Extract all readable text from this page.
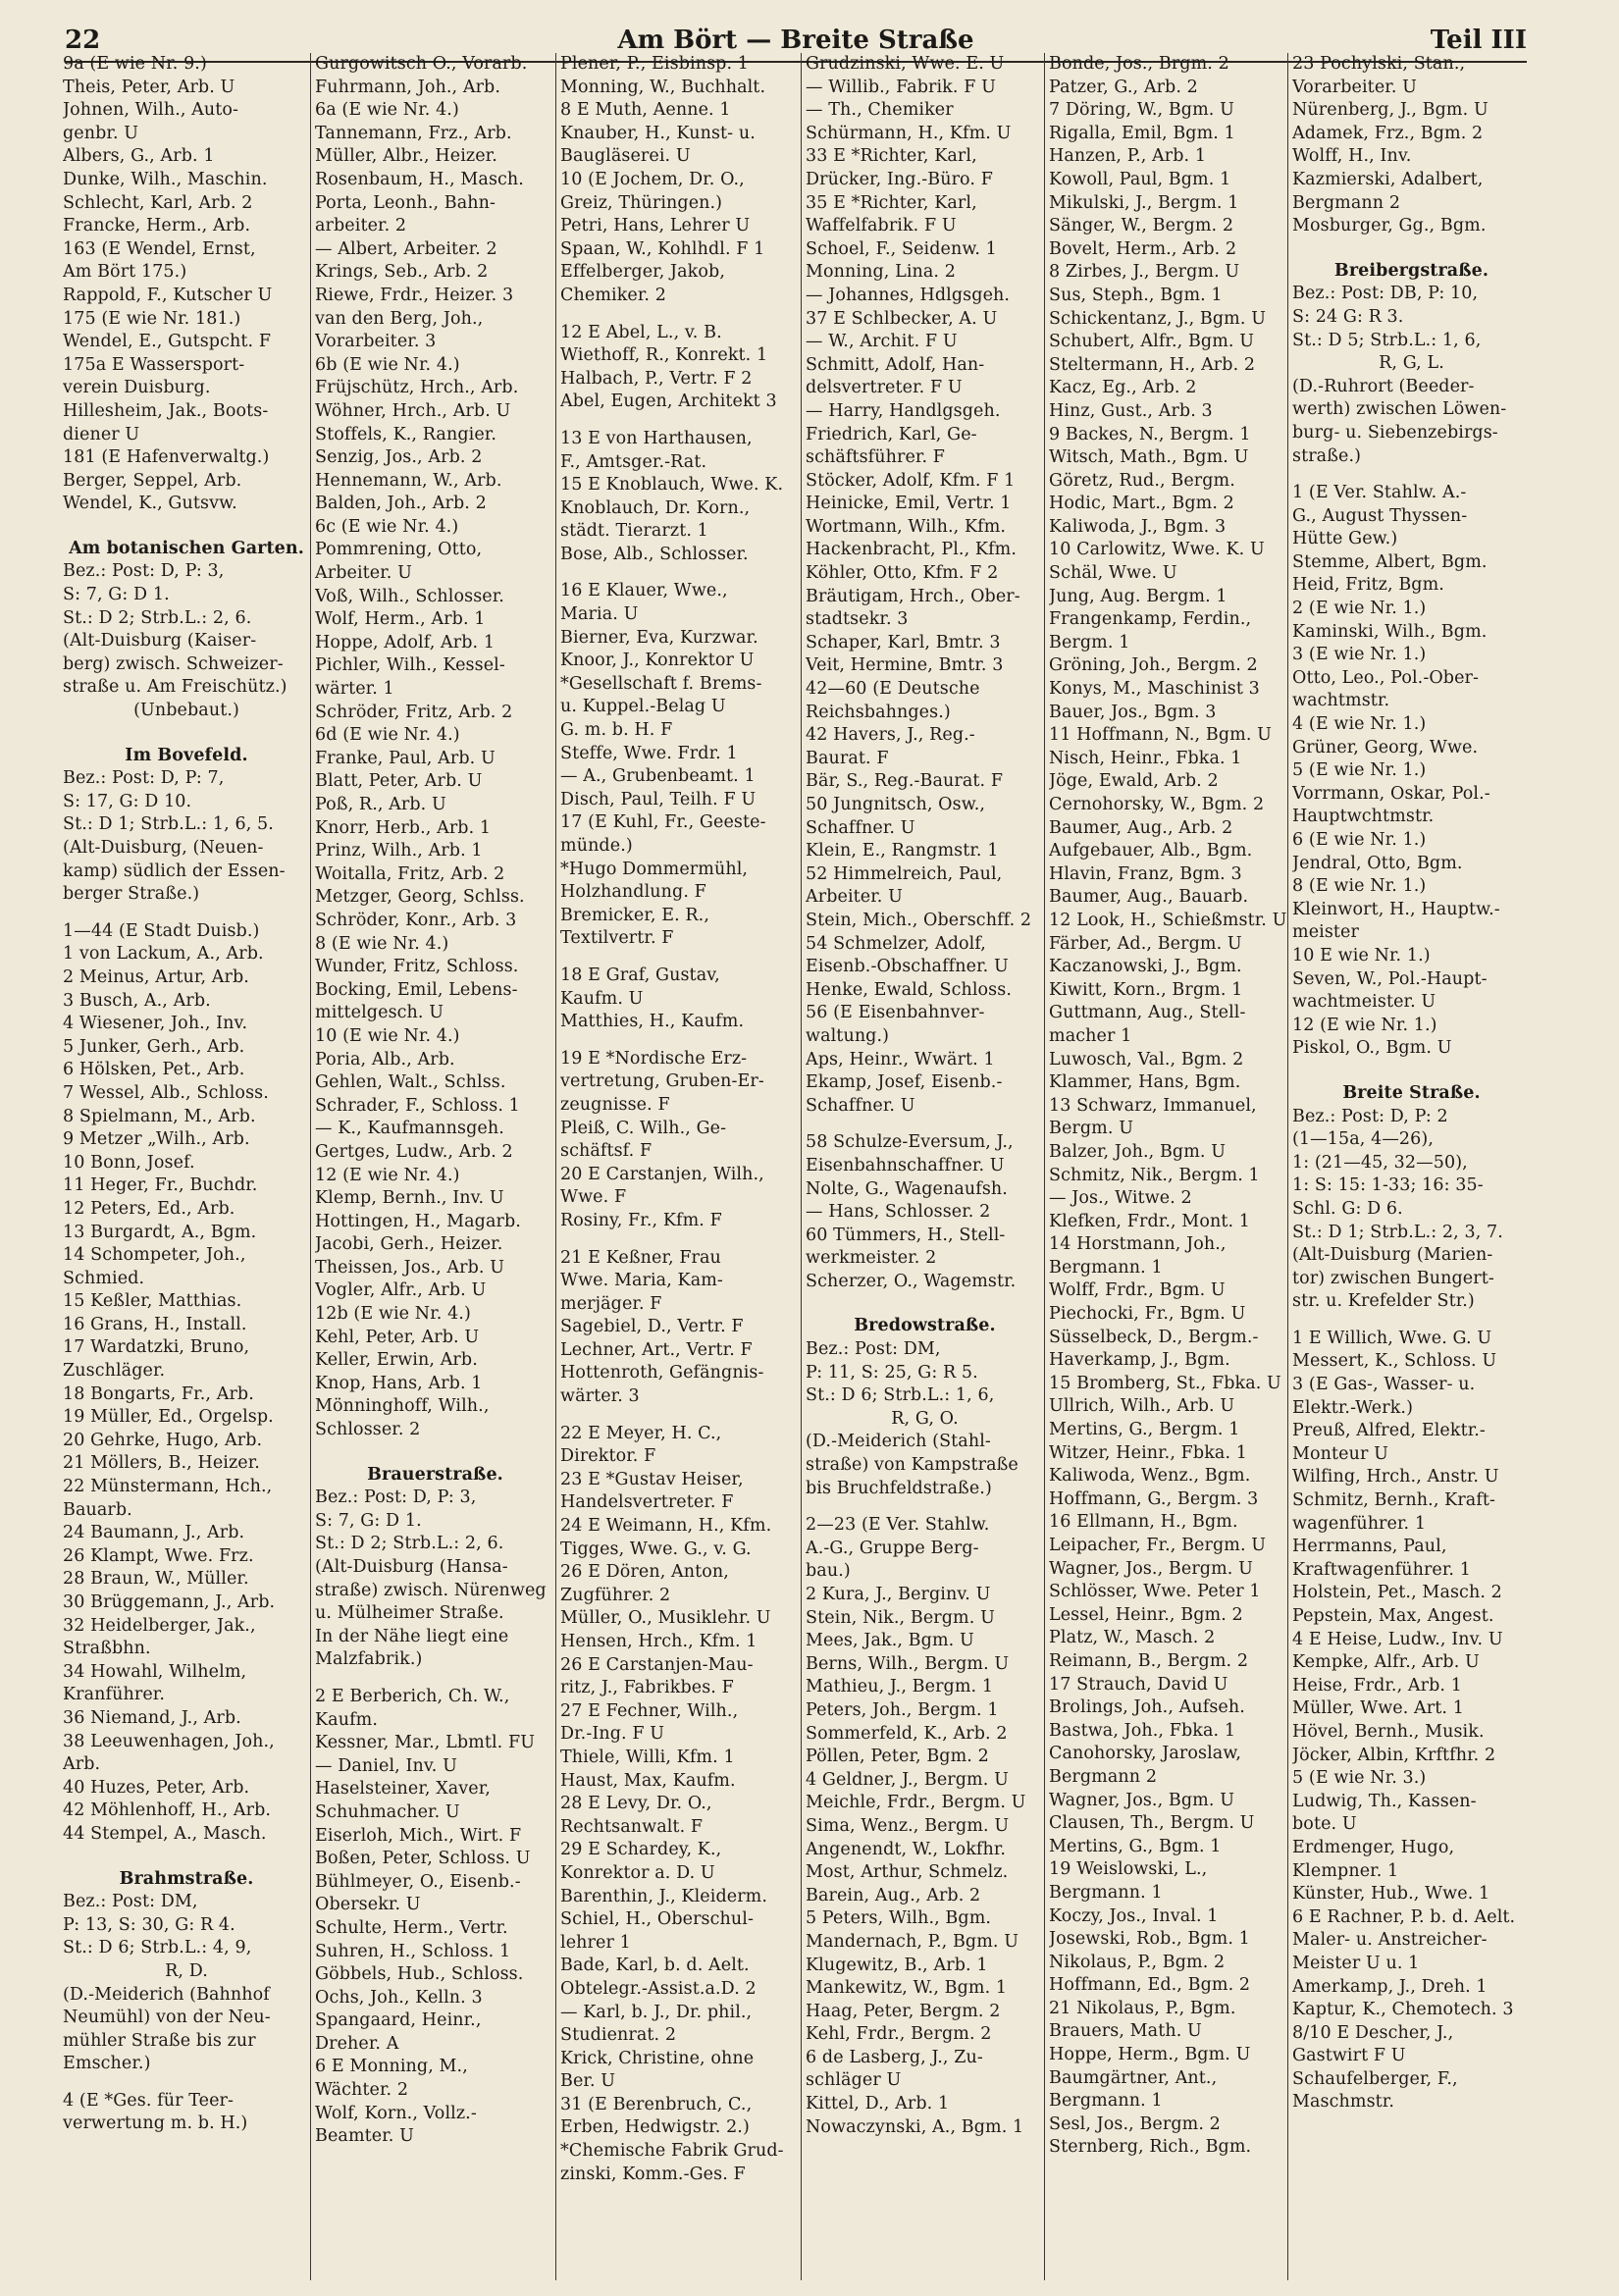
Am Bört — Breite Straße
22	Teil III
9a (E wie Nr. 9.)
Theis, Peter, Arb. U
Johnen, Wilh., Auto-
genbr. U
Albers, G., Arb. 1
Dunke, Wilh., Maschin.
Schlecht, Karl, Arb. 2
Francke, Herm., Arb.
163 (E Wendel, Ernst,
Am Bört 175.)
Rappold, F., Kutscher U
175 (E wie Nr. 181.)
Wendel, E., Gutspcht. F
175a E Wassersport-
verein Duisburg.
Hillesheim, Jak., Boots-
diener U
181 (E Hafenverwaltg.)
Berger, Seppel, Arb.
Wendel, K., Gutsvw.
Am botanischen Garten.
Bez.: Post: D, P: 3,
S: 7, G: D 1.
St.: D 2; Strb.L.: 2, 6.
(Alt-Duisburg (Kaiser-
berg) zwisch. Schweizer-
straße u. Am Freischütz.)
(Unbebaut.)
Im Bovefeld.
Bez.: Post: D, P: 7,
S: 17, G: D 10.
St.: D 1; Strb.L.: 1, 6, 5.
(Alt-Duisburg, (Neuen-
kamp) südlich der Essen-
berger Straße.)
1—44 (E Stadt Duisb.)
1 von Lackum, A., Arb.
2 Meinus, Artur, Arb.
3 Busch, A., Arb.
4 Wiesener, Joh., Inv.
5 Junker, Gerh., Arb.
6 Hölsken, Pet., Arb.
7 Wessel, Alb., Schloss.
8 Spielmann, M., Arb.
9 Metzer „Wilh., Arb.
10 Bonn, Josef.
11 Heger, Fr., Buchdr.
12 Peters, Ed., Arb.
13 Burgardt, A., Bgm.
14 Schompeter, Joh.,
Schmied.
15 Keßler, Matthias.
16 Grans, H., Install.
17 Wardatzki, Bruno,
Zuschläger.
18 Bongarts, Fr., Arb.
19 Müller, Ed., Orgelsp.
20 Gehrke, Hugo, Arb.
21 Möllers, B., Heizer.
22 Münstermann, Hch.,
Bauarb.
24 Baumann, J., Arb.
26 Klampt, Wwe. Frz.
28 Braun, W., Müller.
30 Brüggemann, J., Arb.
32 Heidelberger, Jak.,
Straßbhn.
34 Howahl, Wilhelm,
Kranführer.
36 Niemand, J., Arb.
38 Leeuwenhagen, Joh.,
Arb.
40 Huzes, Peter, Arb.
42 Möhlenhoff, H., Arb.
44 Stempel, A., Masch.
Brahmstraße.
Bez.: Post: DM,
P: 13, S: 30, G: R 4.
St.: D 6; Strb.L.: 4, 9,
R, D.
(D.-Meiderich (Bahnhof
Neumühl) von der Neu-
mühler Straße bis zur
Emscher.)
4 (E *Ges. für Teer-
verwertung m. b. H.)
Gurgowitsch O., Vorarb.
Fuhrmann, Joh., Arb.
6a (E wie Nr. 4.)
Tannemann, Frz., Arb.
Müller, Albr., Heizer.
Rosenbaum, H., Masch.
Porta, Leonh., Bahn-
arbeiter. 2
— Albert, Arbeiter. 2
Krings, Seb., Arb. 2
Riewe, Frdr., Heizer. 3
van den Berg, Joh.,
Vorarbeiter. 3
6b (E wie Nr. 4.)
Früjschütz, Hrch., Arb.
Wöhner, Hrch., Arb. U
Stoffels, K., Rangier.
Senzig, Jos., Arb. 2
Hennemann, W., Arb.
Balden, Joh., Arb. 2
6c (E wie Nr. 4.)
Pommrening, Otto,
Arbeiter. U
Voß, Wilh., Schlosser.
Wolf, Herm., Arb. 1
Hoppe, Adolf, Arb. 1
Pichler, Wilh., Kessel-
wärter. 1
Schröder, Fritz, Arb. 2
6d (E wie Nr. 4.)
Franke, Paul, Arb. U
Blatt, Peter, Arb. U
Poß, R., Arb. U
Knorr, Herb., Arb. 1
Prinz, Wilh., Arb. 1
Woitalla, Fritz, Arb. 2
Metzger, Georg, Schlss.
Schröder, Konr., Arb. 3
8 (E wie Nr. 4.)
Wunder, Fritz, Schloss.
Bocking, Emil, Lebens-
mittelgesch. U
10 (E wie Nr. 4.)
Poria, Alb., Arb.
Gehlen, Walt., Schlss.
Schrader, F., Schloss. 1
— K., Kaufmannsgeh.
Gertges, Ludw., Arb. 2
12 (E wie Nr. 4.)
Klemp, Bernh., Inv. U
Hottingen, H., Magarb.
Jacobi, Gerh., Heizer.
Theissen, Jos., Arb. U
Vogler, Alfr., Arb. U
12b (E wie Nr. 4.)
Kehl, Peter, Arb. U
Keller, Erwin, Arb.
Knop, Hans, Arb. 1
Mönninghoff, Wilh.,
Schlosser. 2
Brauerstraße.
Bez.: Post: D, P: 3,
S: 7, G: D 1.
St.: D 2; Strb.L.: 2, 6.
(Alt-Duisburg (Hansa-
straße) zwisch. Nürenweg
u. Mülheimer Straße.
In der Nähe liegt eine
Malzfabrik.)
2 E Berberich, Ch. W.,
Kaufm.
Kessner, Mar., Lbmtl. FU
— Daniel, Inv. U
Haselsteiner, Xaver,
Schuhmacher. U
Eiserloh, Mich., Wirt. F
Boßen, Peter, Schloss. U
Bühlmeyer, O., Eisenb.-
Obersekr. U
Schulte, Herm., Vertr.
Suhren, H., Schloss. 1
Göbbels, Hub., Schloss.
Ochs, Joh., Kelln. 3
Spangaard, Heinr.,
Dreher. A
6 E Monning, M.,
Wächter. 2
Wolf, Korn., Vollz.-
Beamter. U
Plener, P., Eisbinsp. 1
Monning, W., Buchhalt.
8 E Muth, Aenne. 1
Knauber, H., Kunst- u.
Baugläserei. U
10 (E Jochem, Dr. O.,
Greiz, Thüringen.)
Petri, Hans, Lehrer U
Spaan, W., Kohlhdl. F 1
Effelberger, Jakob,
Chemiker. 2
12 E Abel, L., v. B.
Wiethoff, R., Konrekt. 1
Halbach, P., Vertr. F 2
Abel, Eugen, Architekt 3
13 E von Harthausen,
F., Amtsger.-Rat.
15 E Knoblauch, Wwe. K.
Knoblauch, Dr. Korn.,
städt. Tierarzt. 1
Bose, Alb., Schlosser.
16 E Klauer, Wwe.,
Maria. U
Bierner, Eva, Kurzwar.
Knoor, J., Konrektor U
*Gesellschaft f. Brems-
u. Kuppel.-Belag U
G. m. b. H. F
Steffe, Wwe. Frdr. 1
— A., Grubenbeamt. 1
Disch, Paul, Teilh. F U
17 (E Kuhl, Fr., Geeste-
münde.)
*Hugo Dommermühl,
Holzhandlung. F
Bremicker, E. R.,
Textilvertr. F
18 E Graf, Gustav,
Kaufm. U
Matthies, H., Kaufm.
19 E *Nordische Erz-
vertretung, Gruben-Er-
zeugnisse. F
Pleiß, C. Wilh., Ge-
schäftsf. F
20 E Carstanjen, Wilh.,
Wwe. F
Rosiny, Fr., Kfm. F
21 E Keßner, Frau
Wwe. Maria, Kam-
merjäger. F
Sagebiel, D., Vertr. F
Lechner, Art., Vertr. F
Hottenroth, Gefängnis-
wärter. 3
22 E Meyer, H. C.,
Direktor. F
23 E *Gustav Heiser,
Handelsvertreter. F
24 E Weimann, H., Kfm.
Tigges, Wwe. G., v. G.
26 E Dören, Anton,
Zugführer. 2
Müller, O., Musiklehr. U
Hensen, Hrch., Kfm. 1
26 E Carstanjen-Mau-
ritz, J., Fabrikbes. F
27 E Fechner, Wilh.,
Dr.-Ing. F U
Thiele, Willi, Kfm. 1
Haust, Max, Kaufm.
28 E Levy, Dr. O.,
Rechtsanwalt. F
29 E Schardey, K.,
Konrektor a. D. U
Barenthin, J., Kleiderm.
Schiel, H., Oberschul-
lehrer 1
Bade, Karl, b. d. Aelt.
Obtelegr.-Assist.a.D. 2
— Karl, b. J., Dr. phil.,
Studienrat. 2
Krick, Christine, ohne
Ber. U
31 (E Berenbruch, C.,
Erben, Hedwigstr. 2.)
*Chemische Fabrik Grud-
zinski, Komm.-Ges. F
Grudzinski, Wwe. E. U
— Willib., Fabrik. F U
— Th., Chemiker
Schürmann, H., Kfm. U
33 E *Richter, Karl,
Drücker, Ing.-Büro. F
35 E *Richter, Karl,
Waffelfabrik. F U
Schoel, F., Seidenw. 1
Monning, Lina. 2
— Johannes, Hdlgsgeh.
37 E Schlbecker, A. U
— W., Archit. F U
Schmitt, Adolf, Han-
delsvertreter. F U
— Harry, Handlgsgeh.
Friedrich, Karl, Ge-
schäftsführer. F
Stöcker, Adolf, Kfm. F 1
Heinicke, Emil, Vertr. 1
Wortmann, Wilh., Kfm.
Hackenbracht, Pl., Kfm.
Köhler, Otto, Kfm. F 2
Bräutigam, Hrch., Ober-
stadtsekr. 3
Schaper, Karl, Bmtr. 3
Veit, Hermine, Bmtr. 3
42—60 (E Deutsche
Reichsbahnges.)
42 Havers, J., Reg.-
Baurat. F
Bär, S., Reg.-Baurat. F
50 Jungnitsch, Osw.,
Schaffner. U
Klein, E., Rangmstr. 1
52 Himmelreich, Paul,
Arbeiter. U
Stein, Mich., Oberschff. 2
54 Schmelzer, Adolf,
Eisenb.-Obschaffner. U
Henke, Ewald, Schloss.
56 (E Eisenbahnver-
waltung.)
Aps, Heinr., Wwärt. 1
Ekamp, Josef, Eisenb.-
Schaffner. U
58 Schulze-Eversum, J.,
Eisenbahnschaffner. U
Nolte, G., Wagenaufsh.
— Hans, Schlosser. 2
60 Tümmers, H., Stell-
werkmeister. 2
Scherzer, O., Wagemstr.
Bredowstraße.
Bez.: Post: DM,
P: 11, S: 25, G: R 5.
St.: D 6; Strb.L.: 1, 6,
R, G, O.
(D.-Meiderich (Stahl-
straße) von Kampstraße
bis Bruchfeldstraße.)
2—23 (E Ver. Stahlw.
A.-G., Gruppe Berg-
bau.)
2 Kura, J., Berginv. U
Stein, Nik., Bergm. U
Mees, Jak., Bgm. U
Berns, Wilh., Bergm. U
Mathieu, J., Bergm. 1
Peters, Joh., Bergm. 1
Sommerfeld, K., Arb. 2
Pöllen, Peter, Bgm. 2
4 Geldner, J., Bergm. U
Meichle, Frdr., Bergm. U
Sima, Wenz., Bergm. U
Angenendt, W., Lokfhr.
Most, Arthur, Schmelz.
Barein, Aug., Arb. 2
5 Peters, Wilh., Bgm.
Mandernach, P., Bgm. U
Klugewitz, B., Arb. 1
Mankewitz, W., Bgm. 1
Haag, Peter, Bergm. 2
Kehl, Frdr., Bergm. 2
6 de Lasberg, J., Zu-
schläger U
Kittel, D., Arb. 1
Nowaczynski, A., Bgm. 1
Bonde, Jos., Brgm. 2
Patzer, G., Arb. 2
7 Döring, W., Bgm. U
Rigalla, Emil, Bgm. 1
Hanzen, P., Arb. 1
Kowoll, Paul, Bgm. 1
Mikulski, J., Bergm. 1
Sänger, W., Bergm. 2
Bovelt, Herm., Arb. 2
8 Zirbes, J., Bergm. U
Sus, Steph., Bgm. 1
Schickentanz, J., Bgm. U
Schubert, Alfr., Bgm. U
Steltermann, H., Arb. 2
Kacz, Eg., Arb. 2
Hinz, Gust., Arb. 3
9 Backes, N., Bergm. 1
Witsch, Math., Bgm. U
Göretz, Rud., Bergm.
Hodic, Mart., Bgm. 2
Kaliwoda, J., Bgm. 3
10 Carlowitz, Wwe. K. U
Schäl, Wwe. U
Jung, Aug. Bergm. 1
Frangenkamp, Ferdin.,
Bergm. 1
Gröning, Joh., Bergm. 2
Konys, M., Maschinist 3
Bauer, Jos., Bgm. 3
11 Hoffmann, N., Bgm. U
Nisch, Heinr., Fbka. 1
Jöge, Ewald, Arb. 2
Cernohorsky, W., Bgm. 2
Baumer, Aug., Arb. 2
Aufgebauer, Alb., Bgm.
Hlavin, Franz, Bgm. 3
Baumer, Aug., Bauarb.
12 Look, H., Schießmstr. U
Färber, Ad., Bergm. U
Kaczanowski, J., Bgm.
Kiwitt, Korn., Brgm. 1
Guttmann, Aug., Stell-
macher 1
Luwosch, Val., Bgm. 2
Klammer, Hans, Bgm.
13 Schwarz, Immanuel,
Bergm. U
Balzer, Joh., Bgm. U
Schmitz, Nik., Bergm. 1
— Jos., Witwe. 2
Klefken, Frdr., Mont. 1
14 Horstmann, Joh.,
Bergmann. 1
Wolff, Frdr., Bgm. U
Piechocki, Fr., Bgm. U
Süsselbeck, D., Bergm.-
Haverkamp, J., Bgm.
15 Bromberg, St., Fbka. U
Ullrich, Wilh., Arb. U
Mertins, G., Bergm. 1
Witzer, Heinr., Fbka. 1
Kaliwoda, Wenz., Bgm.
Hoffmann, G., Bergm. 3
16 Ellmann, H., Bgm.
Leipacher, Fr., Bergm. U
Wagner, Jos., Bergm. U
Schlösser, Wwe. Peter 1
Lessel, Heinr., Bgm. 2
Platz, W., Masch. 2
Reimann, B., Bergm. 2
17 Strauch, David U
Brolings, Joh., Aufseh.
Bastwa, Joh., Fbka. 1
Canohorsky, Jaroslaw,
Bergmann 2
Wagner, Jos., Bgm. U
Clausen, Th., Bergm. U
Mertins, G., Bgm. 1
19 Weislowski, L.,
Bergmann. 1
Koczy, Jos., Inval. 1
Josewski, Rob., Bgm. 1
Nikolaus, P., Bgm. 2
Hoffmann, Ed., Bgm. 2
21 Nikolaus, P., Bgm.
Brauers, Math. U
Hoppe, Herm., Bgm. U
Baumgärtner, Ant.,
Bergmann. 1
Sesl, Jos., Bergm. 2
Sternberg, Rich., Bgm.
23 Pochylski, Stan.,
Vorarbeiter. U
Nürenberg, J., Bgm. U
Adamek, Frz., Bgm. 2
Wolff, H., Inv.
Kazmierski, Adalbert,
Bergmann 2
Mosburger, Gg., Bgm.
Breibergstraße.
Bez.: Post: DB, P: 10,
S: 24 G: R 3.
St.: D 5; Strb.L.: 1, 6,
R, G, L.
(D.-Ruhrort (Beeder-
werth) zwischen Löwen-
burg- u. Siebenzebirgs-
straße.)
1 (E Ver. Stahlw. A.-
G., August Thyssen-
Hütte Gew.)
Stemme, Albert, Bgm.
Heid, Fritz, Bgm.
2 (E wie Nr. 1.)
Kaminski, Wilh., Bgm.
3 (E wie Nr. 1.)
Otto, Leo., Pol.-Ober-
wachtmstr.
4 (E wie Nr. 1.)
Grüner, Georg, Wwe.
5 (E wie Nr. 1.)
Vorrmann, Oskar, Pol.-
Hauptwchtmstr.
6 (E wie Nr. 1.)
Jendral, Otto, Bgm.
8 (E wie Nr. 1.)
Kleinwort, H., Hauptw.-
meister
10 E wie Nr. 1.)
Seven, W., Pol.-Haupt-
wachtmeister. U
12 (E wie Nr. 1.)
Piskol, O., Bgm. U
Breite Straße.
Bez.: Post: D, P: 2
(1—15a, 4—26),
1: (21—45, 32—50),
1: S: 15: 1-33; 16: 35-
Schl. G: D 6.
St.: D 1; Strb.L.: 2, 3, 7.
(Alt-Duisburg (Marien-
tor) zwischen Bungert-
str. u. Krefelder Str.)
1 E Willich, Wwe. G. U
Messert, K., Schloss. U
3 (E Gas-, Wasser- u.
Elektr.-Werk.)
Preuß, Alfred, Elektr.-
Monteur U
Wilfing, Hrch., Anstr. U
Schmitz, Bernh., Kraft-
wagenführer. 1
Herrmanns, Paul,
Kraftwagenführer. 1
Holstein, Pet., Masch. 2
Pepstein, Max, Angest.
4 E Heise, Ludw., Inv. U
Kempke, Alfr., Arb. U
Heise, Frdr., Arb. 1
Müller, Wwe. Art. 1
Hövel, Bernh., Musik.
Jöcker, Albin, Krftfhr. 2
5 (E wie Nr. 3.)
Ludwig, Th., Kassen-
bote. U
Erdmenger, Hugo,
Klempner. 1
Künster, Hub., Wwe. 1
6 E Rachner, P. b. d. Aelt.
Maler- u. Anstreicher-
Meister U u. 1
Amerkamp, J., Dreh. 1
Kaptur, K., Chemotech. 3
8/10 E Descher, J.,
Gastwirt F U
Schaufelberger, F.,
Maschmstr.
